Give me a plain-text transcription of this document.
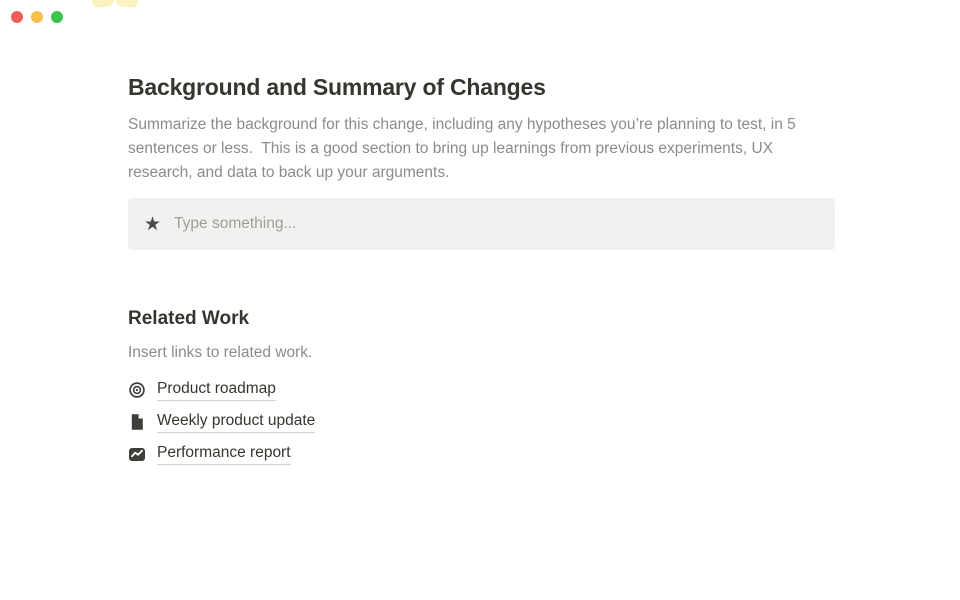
Background and Summary of Changes

Summarize the background for this change, including any hypotheses you’re planning to test, in 5 sentences or less.  This is a good section to bring up learnings from previous experiments, UX research, and data to back up your arguments.

★
Type something...
Related Work

Insert links to related work.

Product roadmap
Weekly product update
Performance report
